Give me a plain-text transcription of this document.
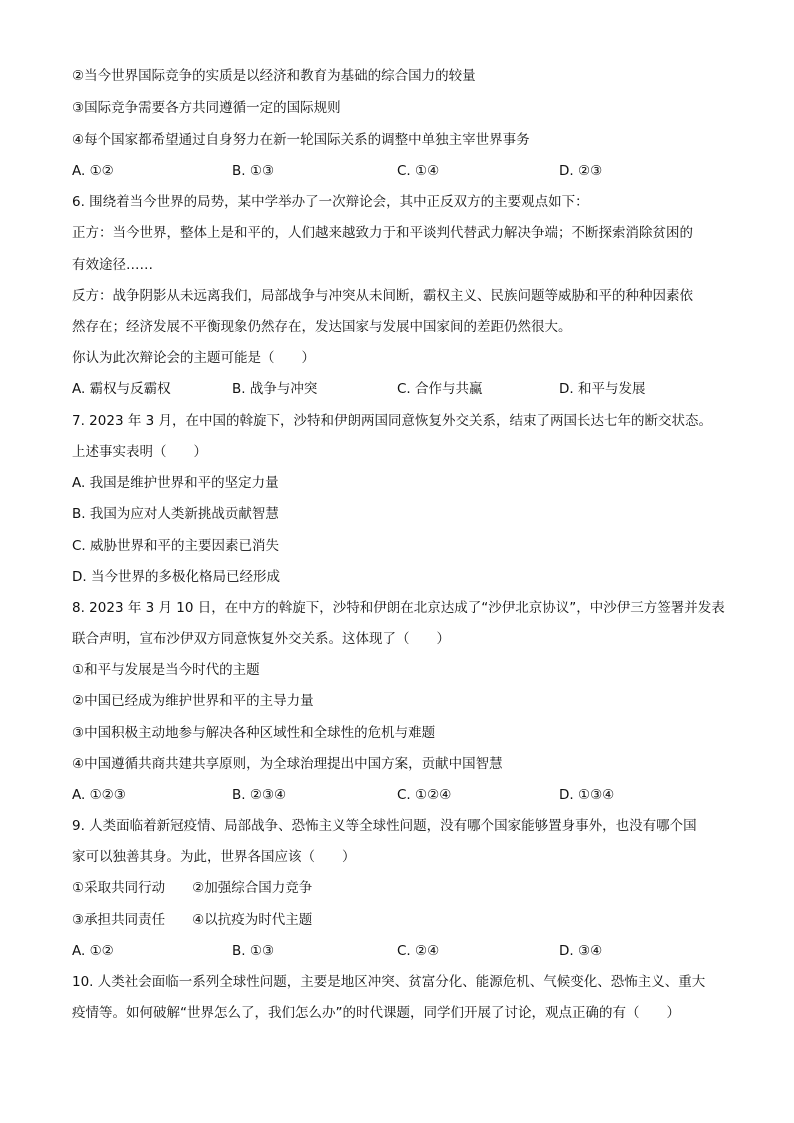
②当今世界国际竞争的实质是以经济和教育为基础的综合国力的较量
③国际竞争需要各方共同遵循一定的国际规则
④每个国家都希望通过自身努力在新一轮国际关系的调整中单独主宰世界事务
A. ①②	B. ①③	C. ①④	D. ②③
6. 围绕着当今世界的局势，某中学举办了一次辩论会，其中正反双方的主要观点如下：
正方：当今世界，整体上是和平的，人们越来越致力于和平谈判代替武力解决争端；不断探索消除贫困的
有效途径……
反方：战争阴影从未远离我们，局部战争与冲突从未间断，霸权主义、民族问题等威胁和平的种种因素依
然存在；经济发展不平衡现象仍然存在，发达国家与发展中国家间的差距仍然很大。
你认为此次辩论会的主题可能是（　　）
A. 霸权与反霸权	B. 战争与冲突	C. 合作与共赢	D. 和平与发展
7. 2023 年 3 月，在中国的斡旋下，沙特和伊朗两国同意恢复外交关系，结束了两国长达七年的断交状态。
上述事实表明（　　）
A. 我国是维护世界和平的坚定力量
B. 我国为应对人类新挑战贡献智慧
C. 威胁世界和平的主要因素已消失
D. 当今世界的多极化格局已经形成
8. 2023 年 3 月 10 日，在中方的斡旋下，沙特和伊朗在北京达成了“沙伊北京协议”，中沙伊三方签署并发表
联合声明，宣布沙伊双方同意恢复外交关系。这体现了（　　）
①和平与发展是当今时代的主题
②中国已经成为维护世界和平的主导力量
③中国积极主动地参与解决各种区域性和全球性的危机与难题
④中国遵循共商共建共享原则，为全球治理提出中国方案，贡献中国智慧
A. ①②③	B. ②③④	C. ①②④	D. ①③④
9. 人类面临着新冠疫情、局部战争、恐怖主义等全球性问题，没有哪个国家能够置身事外，也没有哪个国
家可以独善其身。为此，世界各国应该（　　）
①采取共同行动　　②加强综合国力竞争
③承担共同责任　　④以抗疫为时代主题
A. ①②	B. ①③	C. ②④	D. ③④
10. 人类社会面临一系列全球性问题，主要是地区冲突、贫富分化、能源危机、气候变化、恐怖主义、重大
疫情等。如何破解“世界怎么了，我们怎么办”的时代课题，同学们开展了讨论，观点正确的有（　　）
